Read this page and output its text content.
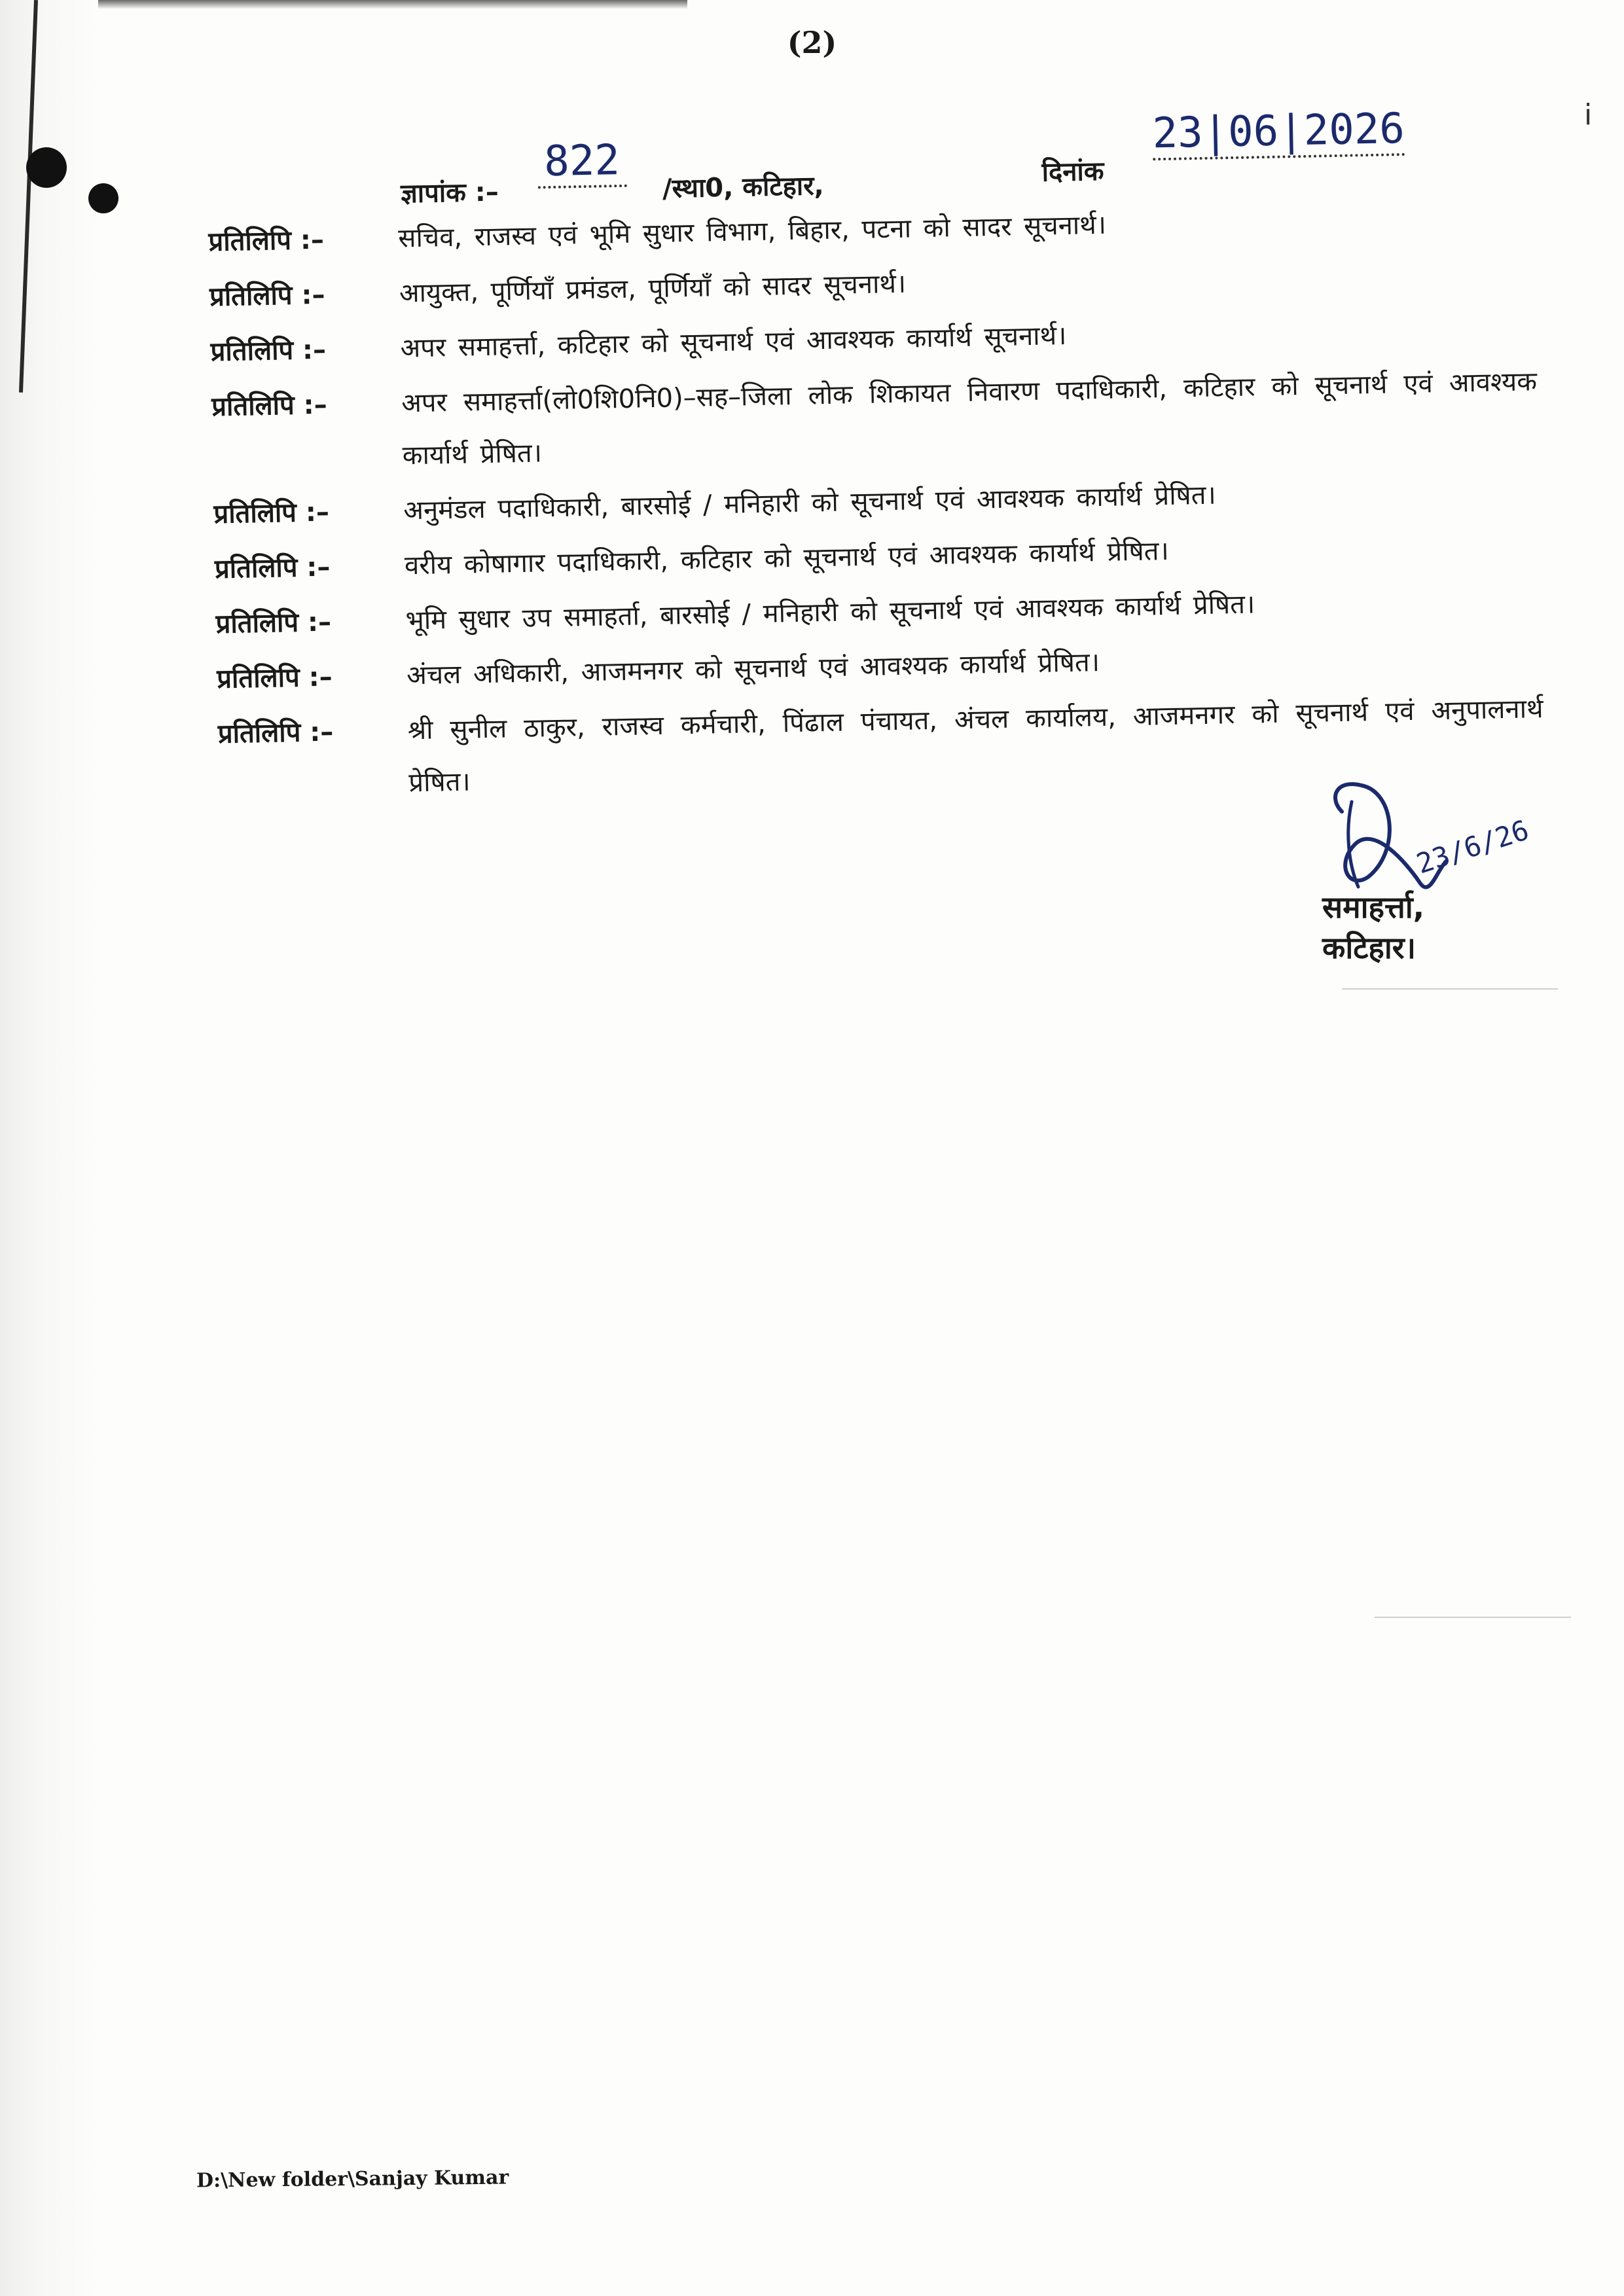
ⅰ
(2)
ज्ञापांक :–
822
/स्था0, कटिहार,	दिनांक
23|06|2026
प्रतिलिपि :–	सचिव, राजस्व एवं भूमि सुधार विभाग, बिहार, पटना को सादर सूचनार्थ।
प्रतिलिपि :–	आयुक्त, पूर्णियाँ प्रमंडल, पूर्णियाँ को सादर सूचनार्थ।
प्रतिलिपि :–	अपर समाहर्त्ता, कटिहार को सूचनार्थ एवं आवश्यक कार्यार्थ सूचनार्थ।
प्रतिलिपि :–	अपर समाहर्त्ता(लो0शि0नि0)–सह–जिला लोक शिकायत निवारण पदाधिकारी, कटिहार को सूचनार्थ एवं आवश्यक कार्यार्थ प्रेषित।
प्रतिलिपि :–	अनुमंडल पदाधिकारी, बारसोई / मनिहारी को सूचनार्थ एवं आवश्यक कार्यार्थ प्रेषित।
प्रतिलिपि :–	वरीय कोषागार पदाधिकारी, कटिहार को सूचनार्थ एवं आवश्यक कार्यार्थ प्रेषित।
प्रतिलिपि :–	भूमि सुधार उप समाहर्ता, बारसोई / मनिहारी को सूचनार्थ एवं आवश्यक कार्यार्थ प्रेषित।
प्रतिलिपि :–	अंचल अधिकारी, आजमनगर को सूचनार्थ एवं आवश्यक कार्यार्थ प्रेषित।
प्रतिलिपि :–	श्री सुनील ठाकुर, राजस्व कर्मचारी, पिंढाल पंचायत, अंचल कार्यालय, आजमनगर को सूचनार्थ एवं अनुपालनार्थ प्रेषित।
23/6/26
समाहर्त्ता,
कटिहार।
D:\New folder\Sanjay Kumar
